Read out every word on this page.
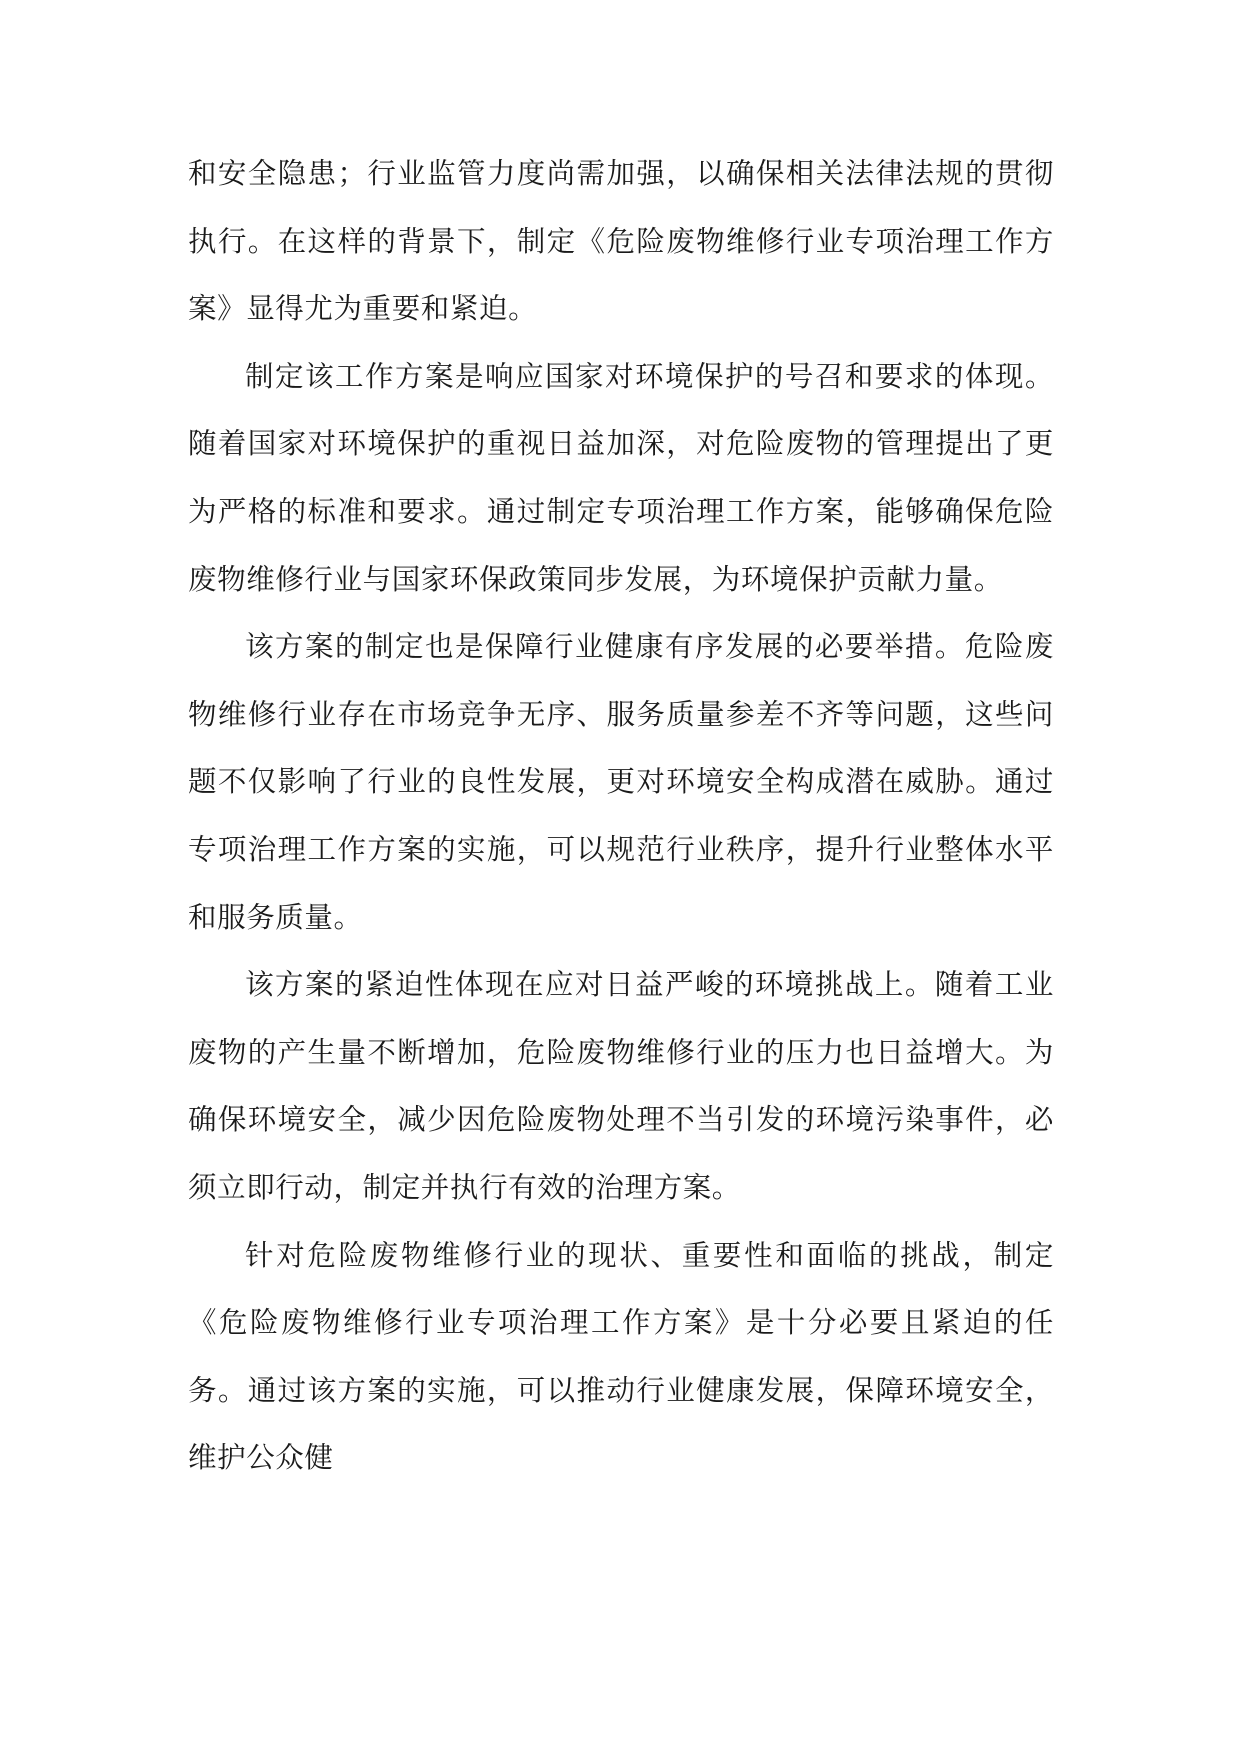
和安全隐患；行业监管力度尚需加强，以确保相关法律法规的贯彻执行。在这样的背景下，制定《危险废物维修行业专项治理工作方案》显得尤为重要和紧迫。

制定该工作方案是响应国家对环境保护的号召和要求的体现。随着国家对环境保护的重视日益加深，对危险废物的管理提出了更为严格的标准和要求。通过制定专项治理工作方案，能够确保危险废物维修行业与国家环保政策同步发展，为环境保护贡献力量。

该方案的制定也是保障行业健康有序发展的必要举措。危险废物维修行业存在市场竞争无序、服务质量参差不齐等问题，这些问题不仅影响了行业的良性发展，更对环境安全构成潜在威胁。通过专项治理工作方案的实施，可以规范行业秩序，提升行业整体水平和服务质量。

该方案的紧迫性体现在应对日益严峻的环境挑战上。随着工业废物的产生量不断增加，危险废物维修行业的压力也日益增大。为确保环境安全，减少因危险废物处理不当引发的环境污染事件，必须立即行动，制定并执行有效的治理方案。

针对危险废物维修行业的现状、重要性和面临的挑战，制定《危险废物维修行业专项治理工作方案》是十分必要且紧迫的任务。通过该方案的实施，可以推动行业健康发展，保障环境安全，维护公众健
